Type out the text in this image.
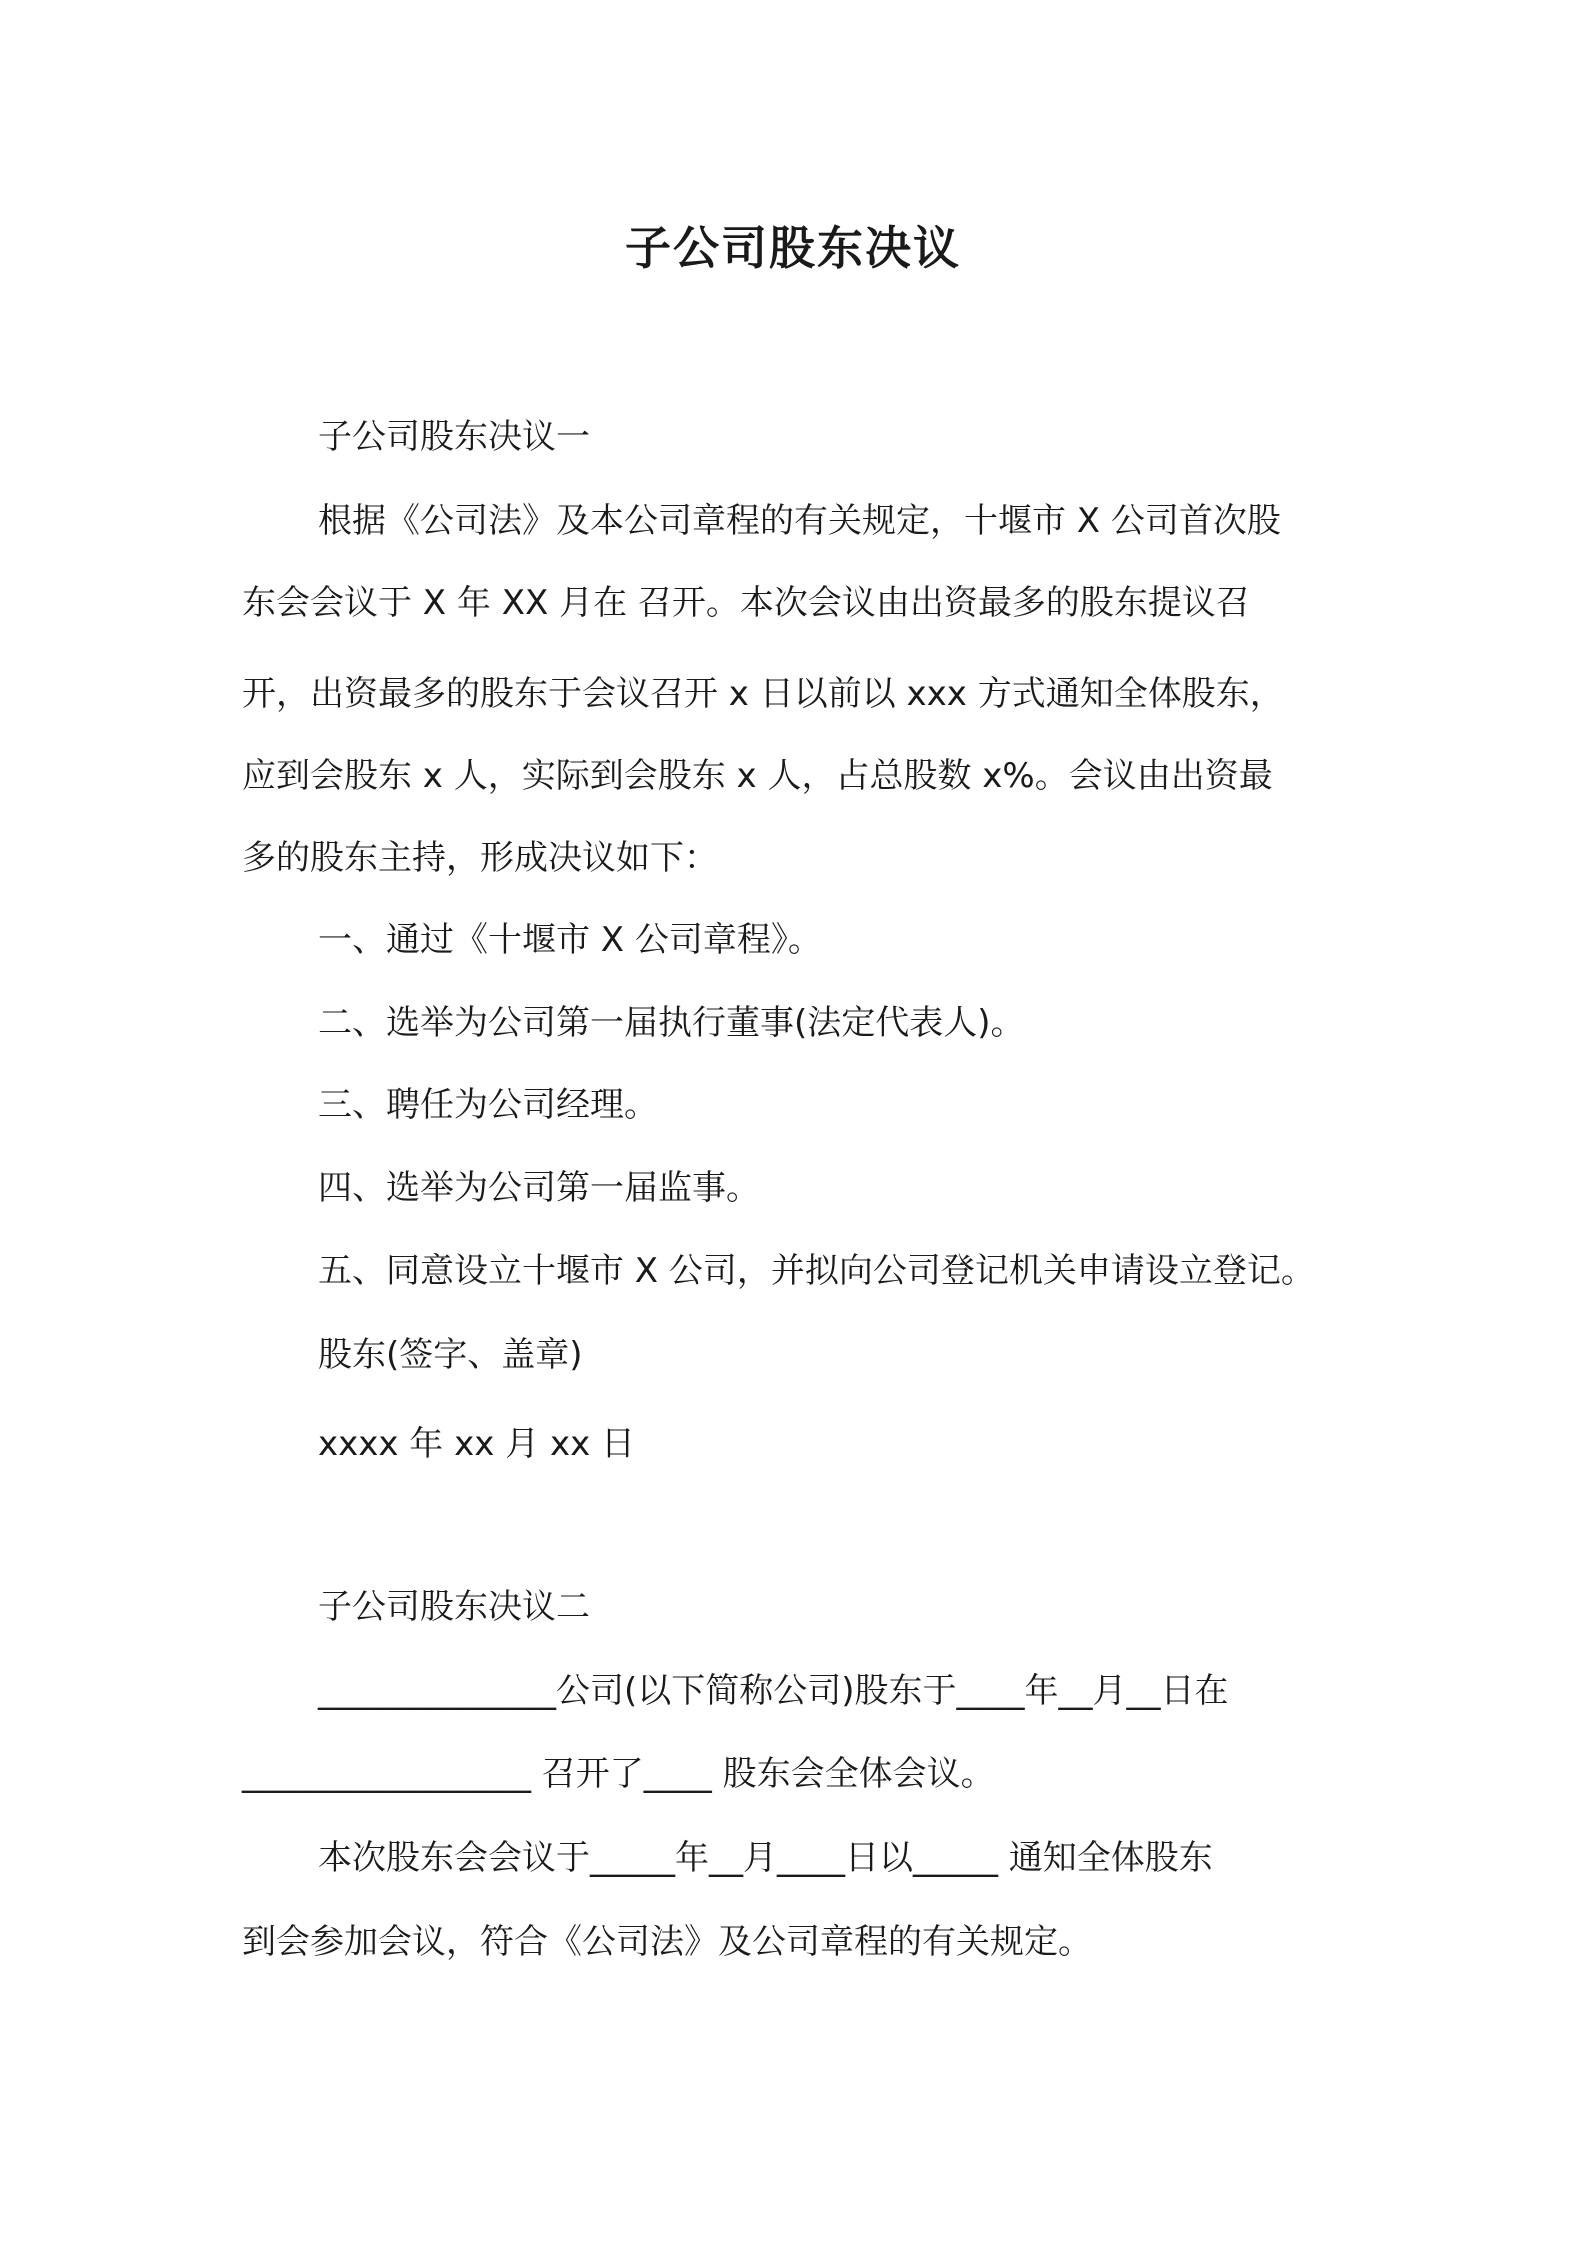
子公司股东决议
子公司股东决议一
根据《公司法》及本公司章程的有关规定，十堰市 X 公司首次股
东会会议于 X 年 XX 月在 召开。本次会议由出资最多的股东提议召
开，出资最多的股东于会议召开 x 日以前以 xxx 方式通知全体股东，
应到会股东 x 人，实际到会股东 x 人，占总股数 x%。会议由出资最
多的股东主持，形成决议如下：
一、通过《十堰市 X 公司章程》。
二、选举为公司第一届执行董事(法定代表人)。
三、聘任为公司经理。
四、选举为公司第一届监事。
五、同意设立十堰市 X 公司，并拟向公司登记机关申请设立登记。
股东(签字、盖章)
xxxx 年 xx 月 xx 日
子公司股东决议二
______________公司(以下简称公司)股东于____年__月__日在
_________________ 召开了____ 股东会全体会议。
本次股东会会议于_____年__月____日以_____ 通知全体股东
到会参加会议，符合《公司法》及公司章程的有关规定。
